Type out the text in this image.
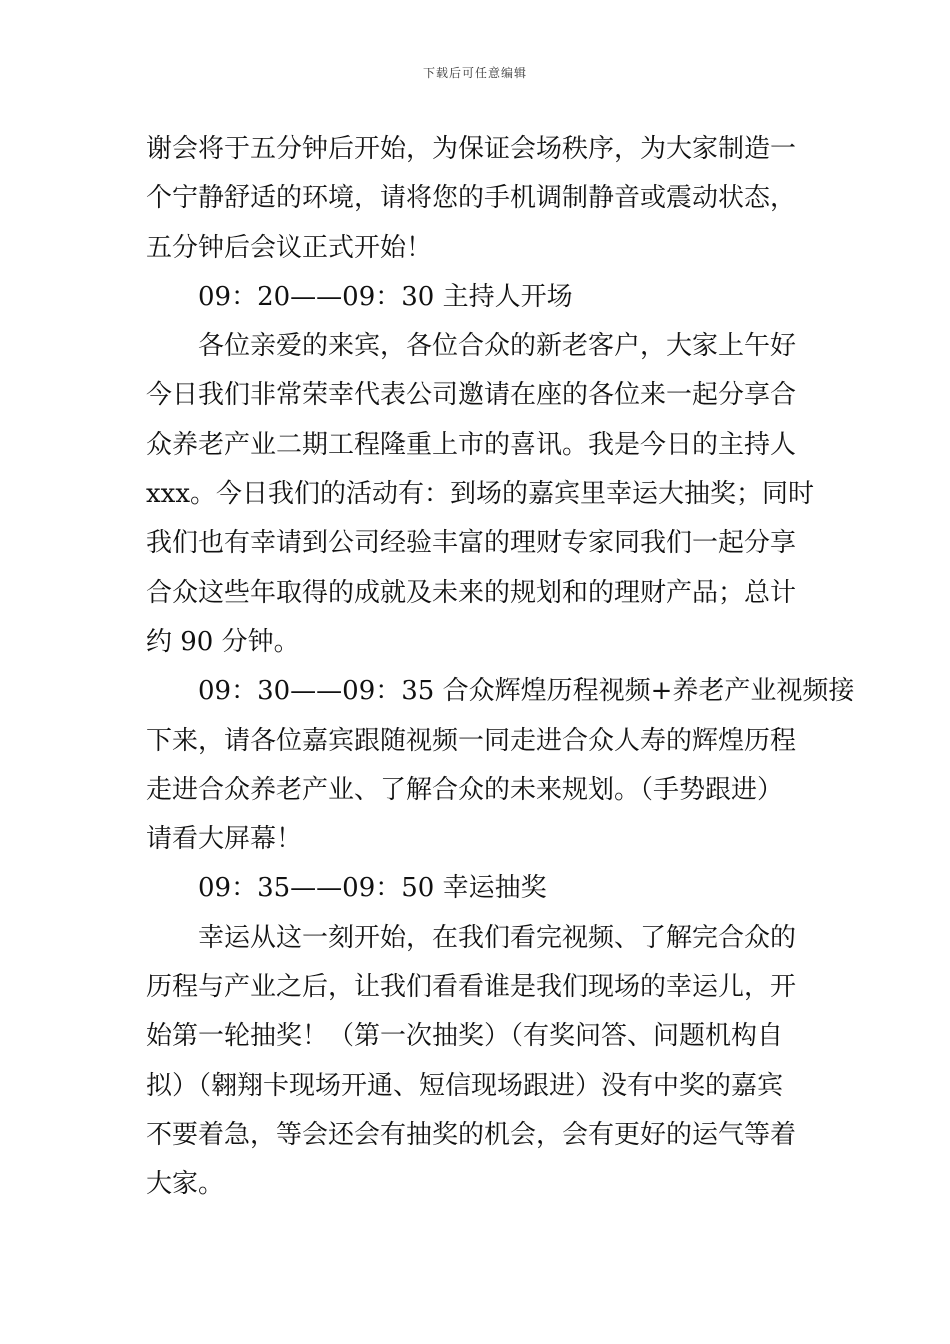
下载后可任意编辑
谢会将于五分钟后开始，为保证会场秩序，为大家制造一
个宁静舒适的环境，请将您的手机调制静音或震动状态，
五分钟后会议正式开始！
09：20——09：30 主持人开场
各位亲爱的来宾，各位合众的新老客户，大家上午好
今日我们非常荣幸代表公司邀请在座的各位来一起分享合
众养老产业二期工程隆重上市的喜讯。我是今日的主持人
xxx。今日我们的活动有：到场的嘉宾里幸运大抽奖；同时
我们也有幸请到公司经验丰富的理财专家同我们一起分享
合众这些年取得的成就及未来的规划和的理财产品；总计
约 90 分钟。
09：30——09：35 合众辉煌历程视频+养老产业视频接
下来，请各位嘉宾跟随视频一同走进合众人寿的辉煌历程
走进合众养老产业、了解合众的未来规划。（手势跟进）
请看大屏幕！
09：35——09：50 幸运抽奖
幸运从这一刻开始，在我们看完视频、了解完合众的
历程与产业之后，让我们看看谁是我们现场的幸运儿，开
始第一轮抽奖！（第一次抽奖）（有奖问答、问题机构自
拟）（翱翔卡现场开通、短信现场跟进）没有中奖的嘉宾
不要着急，等会还会有抽奖的机会，会有更好的运气等着
大家。
